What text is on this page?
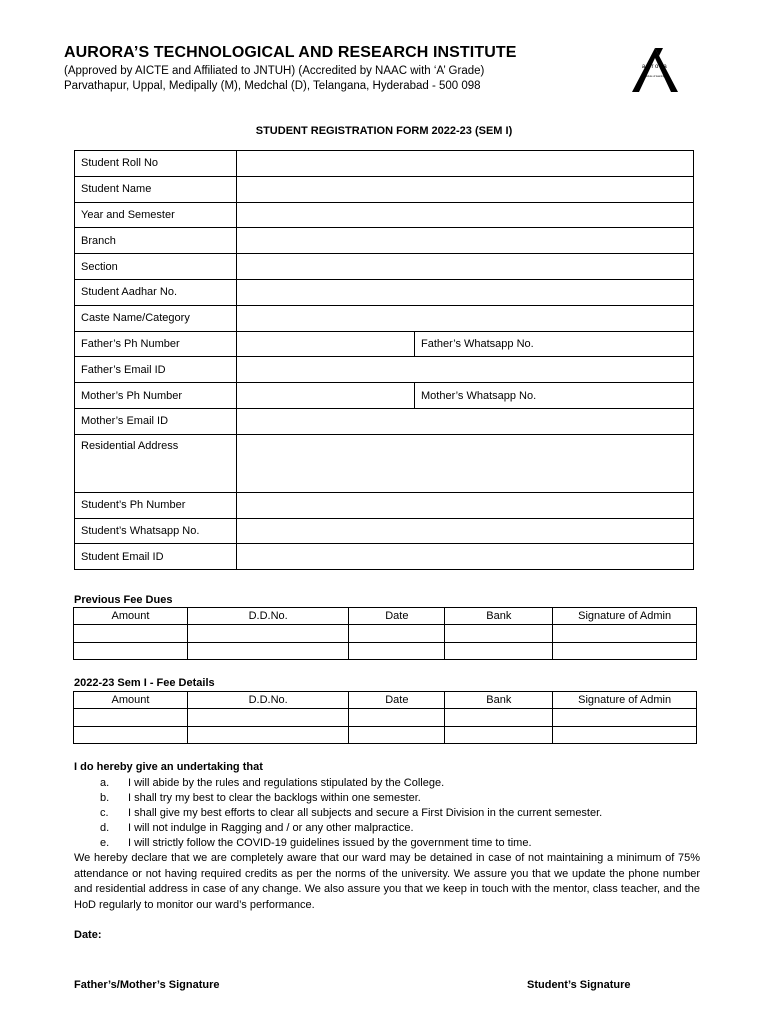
AURORA’S TECHNOLOGICAL AND RESEARCH INSTITUTE
(Approved by AICTE and Affiliated to JNTUH) (Accredited by NAAC with ‘A’ Grade)
Parvathapur, Uppal, Medipally (M), Medchal (D), Telangana, Hyderabad - 500 098
aurora
culture of learning
STUDENT REGISTRATION FORM 2022-23 (SEM I)
Student Roll No		
Student Name		
Year and Semester		
Branch		
Section		
Student Aadhar No.		
Caste Name/Category		
Father’s Ph Number		Father’s Whatsapp No.
Father’s Email ID		
Mother’s Ph Number		Mother’s Whatsapp No.
Mother’s Email ID		
Residential Address		
Student’s Ph Number		
Student’s Whatsapp No.		
Student Email ID		
Previous Fee Dues
Amount	D.D.No.	Date	Bank	Signature of Admin

2022-23 Sem I - Fee Details
Amount	D.D.No.	Date	Bank	Signature of Admin

I do hereby give an undertaking that
a. I will abide by the rules and regulations stipulated by the College.
b. I shall try my best to clear the backlogs within one semester.
c. I shall give my best efforts to clear all subjects and secure a First Division in the current semester.
d. I will not indulge in Ragging and / or any other malpractice.
e. I will strictly follow the COVID-19 guidelines issued by the government time to time.
We hereby declare that we are completely aware that our ward may be detained in case of not maintaining a minimum of 75% attendance or not having required credits as per the norms of the university. We assure you that we update the phone number and residential address in case of any change. We also assure you that we keep in touch with the mentor, class teacher, and the HoD regularly to monitor our ward’s performance.
Date:
Father’s/Mother’s Signature	Student’s Signature
